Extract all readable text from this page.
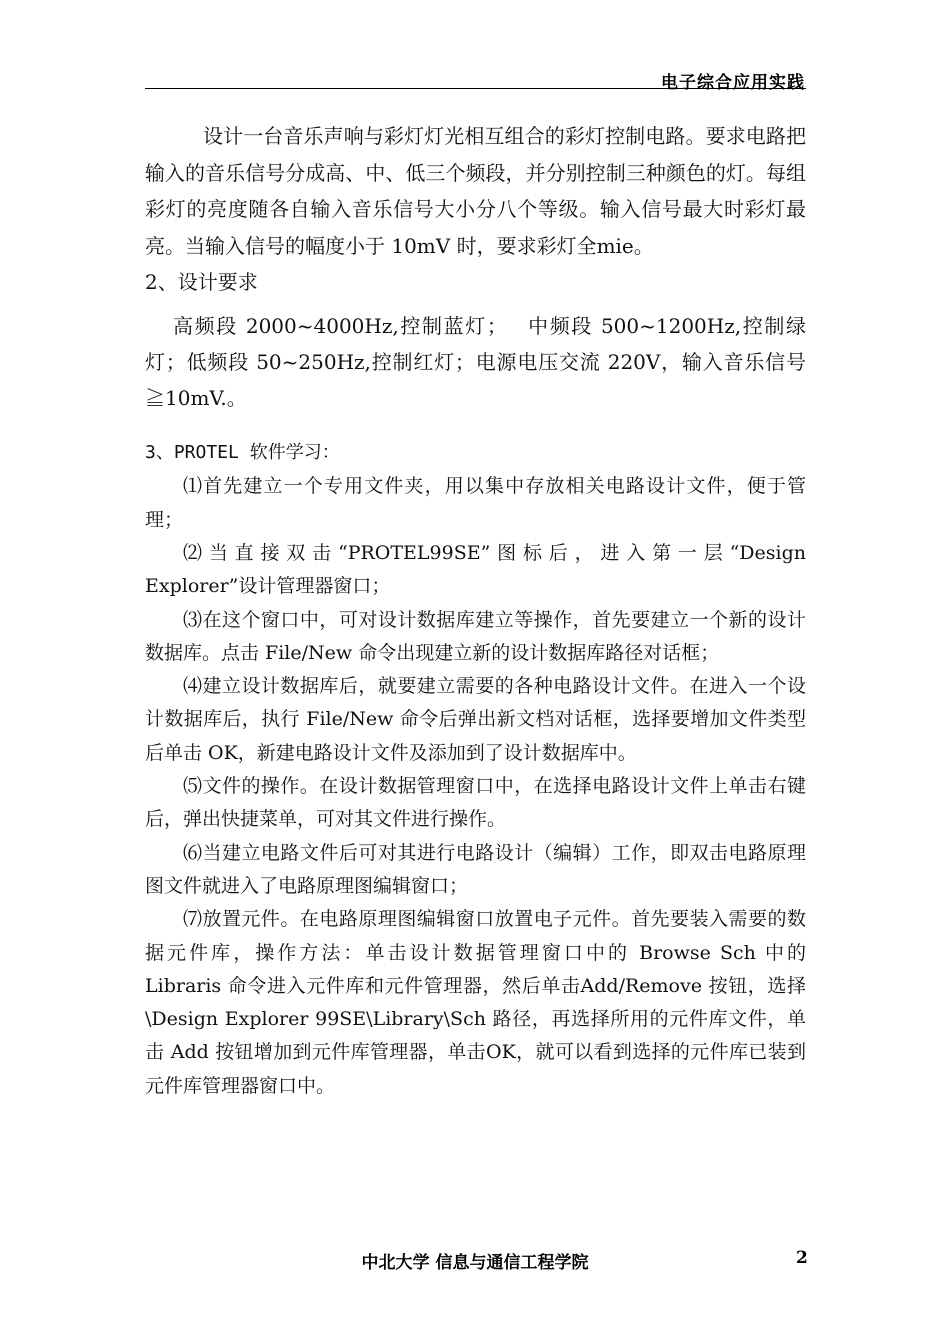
电子综合应用实践

设计一台音乐声响与彩灯灯光相互组合的彩灯控制电路。要求电路把输入的音乐信号分成高、中、低三个频段，并分别控制三种颜色的灯。每组彩灯的亮度随各自输入音乐信号大小分八个等级。输入信号最大时彩灯最亮。当输入信号的幅度小于 10mV 时，要求彩灯全mie。

2、设计要求

高频段 2000~4000Hz,控制蓝灯；　 中频段 500~1200Hz,控制绿灯；低频段 50~250Hz,控制红灯；电源电压交流 220V，输入音乐信号≧10mV.。

3、PROTEL 软件学习：

⑴首先建立一个专用文件夹，用以集中存放相关电路设计文件，便于管理；

⑵当直接双击“PROTEL99SE”图标后，进入第一层“Design Explorer”设计管理器窗口；

⑶在这个窗口中，可对设计数据库建立等操作，首先要建立一个新的设计数据库。点击 File/New 命令出现建立新的设计数据库路径对话框；

⑷建立设计数据库后，就要建立需要的各种电路设计文件。在进入一个设计数据库后，执行 File/New 命令后弹出新文档对话框，选择要增加文件类型后单击 OK，新建电路设计文件及添加到了设计数据库中。

⑸文件的操作。在设计数据管理窗口中，在选择电路设计文件上单击右键后，弹出快捷菜单，可对其文件进行操作。

⑹当建立电路文件后可对其进行电路设计（编辑）工作，即双击电路原理图文件就进入了电路原理图编辑窗口；

⑺放置元件。在电路原理图编辑窗口放置电子元件。首先要装入需要的数据元件库，操作方法：单击设计数据管理窗口中的 Browse Sch 中的 Libraris 命令进入元件库和元件管理器，然后单击Add/Remove 按钮，选择\Design Explorer 99SE\Library\Sch 路径，再选择所用的元件库文件，单击 Add 按钮增加到元件库管理器，单击OK，就可以看到选择的元件库已装到元件库管理器窗口中。

中北大学 信息与通信工程学院	2
